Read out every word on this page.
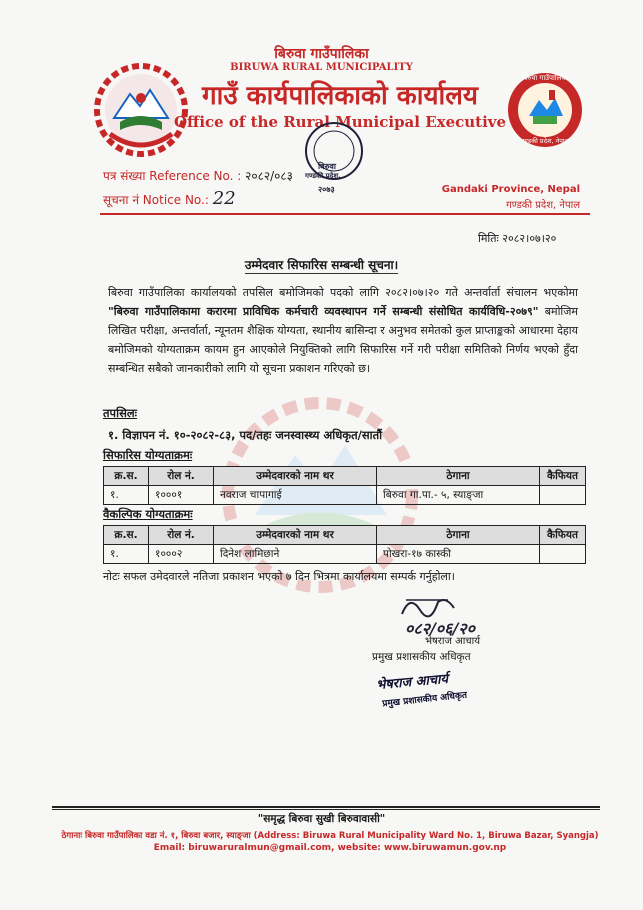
बिरुवा गाउँपालिका
गण्डकी प्रदेश, नेपाल
बिरुवा गाउँपालिका
BIRUWA RURAL MUNICIPALITY
गाउँ कार्यपालिकाको कार्यालय
Office of the Rural Municipal Executive
बिरुवा
गण्डकी प्रदेश,
२०७३
पत्र संख्या Reference No. : २०८२/०८३
सूचना नं Notice No.: 22	Gandaki Province, Nepal
गण्डकी प्रदेश, नेपाल
मितिः २०८२।०७।२०
उम्मेदवार सिफारिस सम्बन्धी सूचना।
बिरुवा गाउँपालिका कार्यालयको तपसिल बमोजिमको पदको लागि २०८२।०७।२० गते अन्तर्वार्ता संचालन भएकोमा "बिरुवा गाउँपालिकामा करारमा प्राविधिक कर्मचारी व्यवस्थापन गर्ने सम्बन्धी संसोधित कार्यविधि-२०७९" बमोजिम लिखित परीक्षा, अन्तर्वार्ता, न्यूनतम शैक्षिक योग्यता, स्थानीय बासिन्दा र अनुभव समेतको कुल प्राप्ताङ्कको आधारमा देहाय बमोजिमको योग्यताक्रम कायम हुन आएकोले नियुक्तिको लागि सिफारिस गर्ने गरी परीक्षा समितिको निर्णय भएको हुँदा सम्बन्धित सबैको जानकारीको लागि यो सूचना प्रकाशन गरिएको छ।
तपसिलः
१. विज्ञापन नं. १०-२०८२-८३, पद/तहः जनस्वास्थ्य अधिकृत/सातौं
सिफारिस योग्यताक्रमः
क्र.स.	रोल नं.	उम्मेदवारको नाम थर	ठेगाना	कैफियत
१.	१०००१	नवराज चापागाई	बिरुवा गा.पा.- ५, स्याङ्जा	
वैकल्पिक योग्यताक्रमः
क्र.स.	रोल नं.	उम्मेदवारको नाम थर	ठेगाना	कैफियत
१.	१०००२	दिनेश लामिछाने	पोखरा-१७ कास्की	
नोटः सफल उमेदवारले नतिजा प्रकाशन भएको ७ दिन भित्रमा कार्यालयमा सम्पर्क गर्नुहोला।
०८२/०६/२०
भेषराज आचार्य
प्रमुख प्रशासकीय अधिकृत
भेषराज आचार्य
प्रमुख प्रशासकीय अधिकृत
"समृद्ध बिरुवा सुखी बिरुवावासी"
ठेगानाः बिरुवा गाउँपालिका वडा नं. १, बिरुवा बजार, स्याङ्जा (Address: Biruwa Rural Municipality Ward No. 1, Biruwa Bazar, Syangja)
Email: biruwaruralmun@gmail.com, website: www.biruwamun.gov.np
